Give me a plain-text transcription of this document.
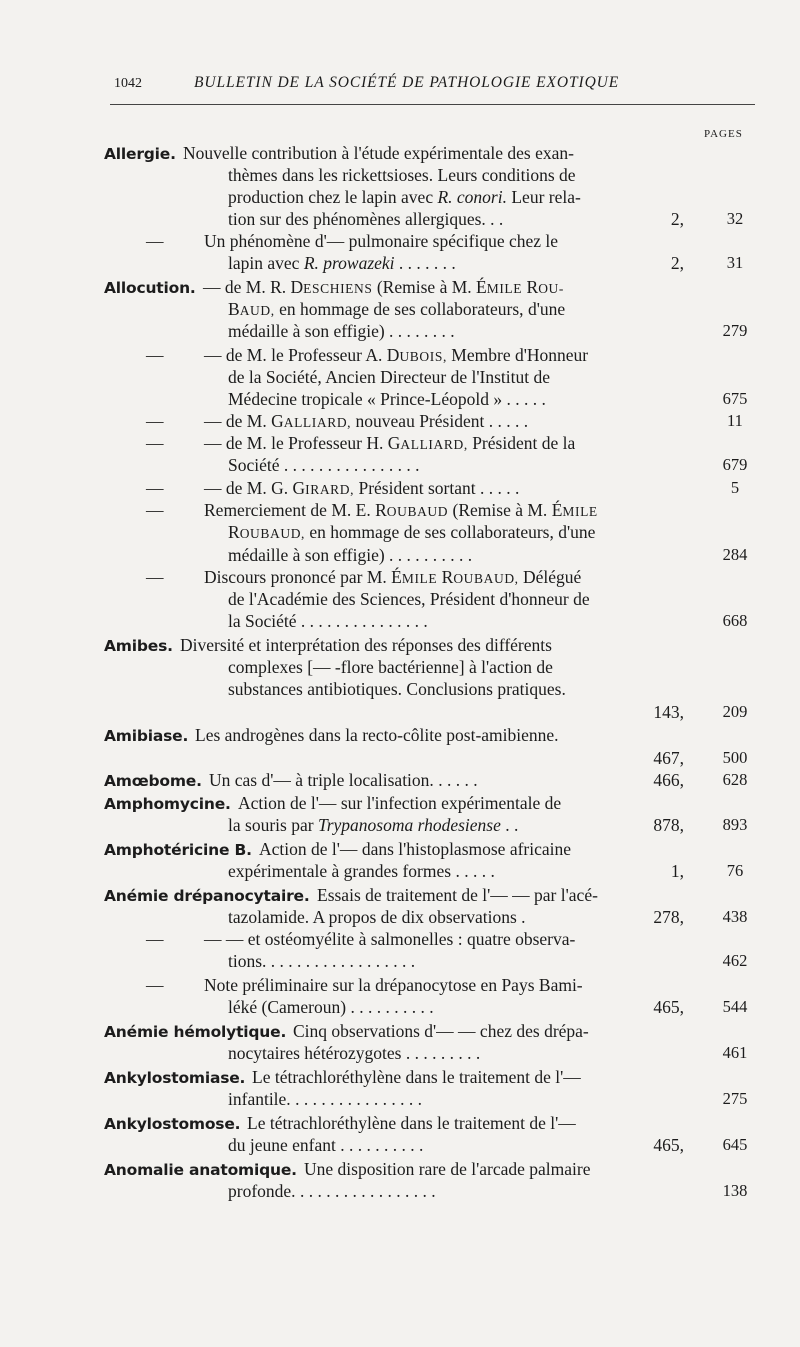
1042	BULLETIN DE LA SOCIÉTÉ DE PATHOLOGIE EXOTIQUE
PAGES
Allergie. Nouvelle contribution à l'étude expérimentale des exan-
thèmes dans les rickettsioses. Leurs conditions de
production chez le lapin avec R. conori. Leur rela-
tion sur des phénomènes allergiques. . .	2,	32
— Un phénomène d'— pulmonaire spécifique chez le
lapin avec R. prowazeki . . . . . . .	2,	31
Allocution. — de M. R. DESCHIENS (Remise à M. ÉMILE ROU-
BAUD, en hommage de ses collaborateurs, d'une
médaille à son effigie) . . . . . . . .	279
— — de M. le Professeur A. DUBOIS, Membre d'Honneur
de la Société, Ancien Directeur de l'Institut de
Médecine tropicale « Prince-Léopold » . . . . .	675
— — de M. GALLIARD, nouveau Président . . . . .	11
— — de M. le Professeur H. GALLIARD, Président de la
Société . . . . . . . . . . . . . . . .	679
— — de M. G. GIRARD, Président sortant . . . . .	5
— Remerciement de M. E. ROUBAUD (Remise à M. ÉMILE
ROUBAUD, en hommage de ses collaborateurs, d'une
médaille à son effigie) . . . . . . . . . .	284
— Discours prononcé par M. ÉMILE ROUBAUD, Délégué
de l'Académie des Sciences, Président d'honneur de
la Société . . . . . . . . . . . . . . .	668
Amibes. Diversité et interprétation des réponses des différents
complexes [— -flore bactérienne] à l'action de
substances antibiotiques. Conclusions pratiques.
143,	209
Amibiase. Les androgènes dans la recto-côlite post-amibienne.
467,	500
Amœbome. Un cas d'— à triple localisation. . . . . .	466,	628
Amphomycine. Action de l'— sur l'infection expérimentale de
la souris par Trypanosoma rhodesiense . .	878,	893
Amphotéricine B. Action de l'— dans l'histoplasmose africaine
expérimentale à grandes formes . . . . .	1,	76
Anémie drépanocytaire. Essais de traitement de l'— — par l'acé-
tazolamide. A propos de dix observations .	278,	438
— — — et ostéomyélite à salmonelles : quatre observa-
tions. . . . . . . . . . . . . . . . . .	462
— Note préliminaire sur la drépanocytose en Pays Bami-
léké (Cameroun) . . . . . . . . . .	465,	544
Anémie hémolytique. Cinq observations d'— — chez des drépa-
nocytaires hétérozygotes . . . . . . . . .	461
Ankylostomiase. Le tétrachloréthylène dans le traitement de l'—
infantile. . . . . . . . . . . . . . . .	275
Ankylostomose. Le tétrachloréthylène dans le traitement de l'—
du jeune enfant . . . . . . . . . .	465,	645
Anomalie anatomique. Une disposition rare de l'arcade palmaire
profonde. . . . . . . . . . . . . . . . .	138
